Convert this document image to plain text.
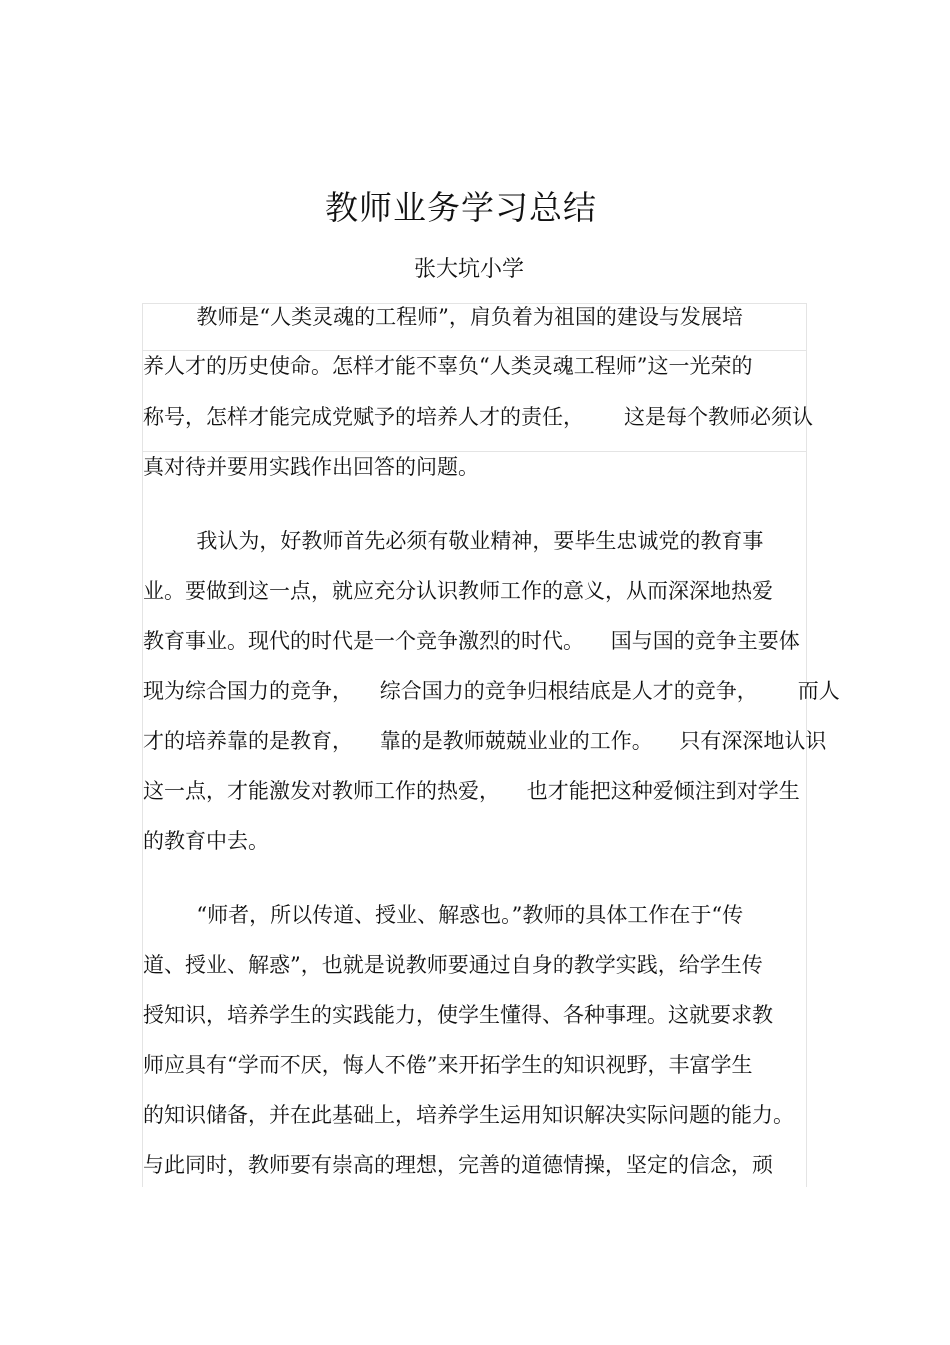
教师业务学习总结
张大坑小学
教师是“人类灵魂的工程师”，肩负着为祖国的建设与发展培
养人才的历史使命。怎样才能不辜负“人类灵魂工程师”这一光荣的
称号，怎样才能完成党赋予的培养人才的责任，      这是每个教师必须认
真对待并要用实践作出回答的问题。
我认为，好教师首先必须有敬业精神，要毕生忠诚党的教育事
业。要做到这一点，就应充分认识教师工作的意义，从而深深地热爱
教育事业。现代的时代是一个竞争激烈的时代。    国与国的竞争主要体
现为综合国力的竞争，    综合国力的竞争归根结底是人才的竞争，      而人
才的培养靠的是教育，    靠的是教师兢兢业业的工作。    只有深深地认识
这一点，才能激发对教师工作的热爱，    也才能把这种爱倾注到对学生
的教育中去。
“师者，所以传道、授业、解惑也。”教师的具体工作在于“传
道、授业、解惑”，也就是说教师要通过自身的教学实践，给学生传
授知识，培养学生的实践能力，使学生懂得、各种事理。这就要求教
师应具有“学而不厌，悔人不倦”来开拓学生的知识视野，丰富学生
的知识储备，并在此基础上，培养学生运用知识解决实际问题的能力。
与此同时，教师要有崇高的理想，完善的道德情操，坚定的信念，顽
